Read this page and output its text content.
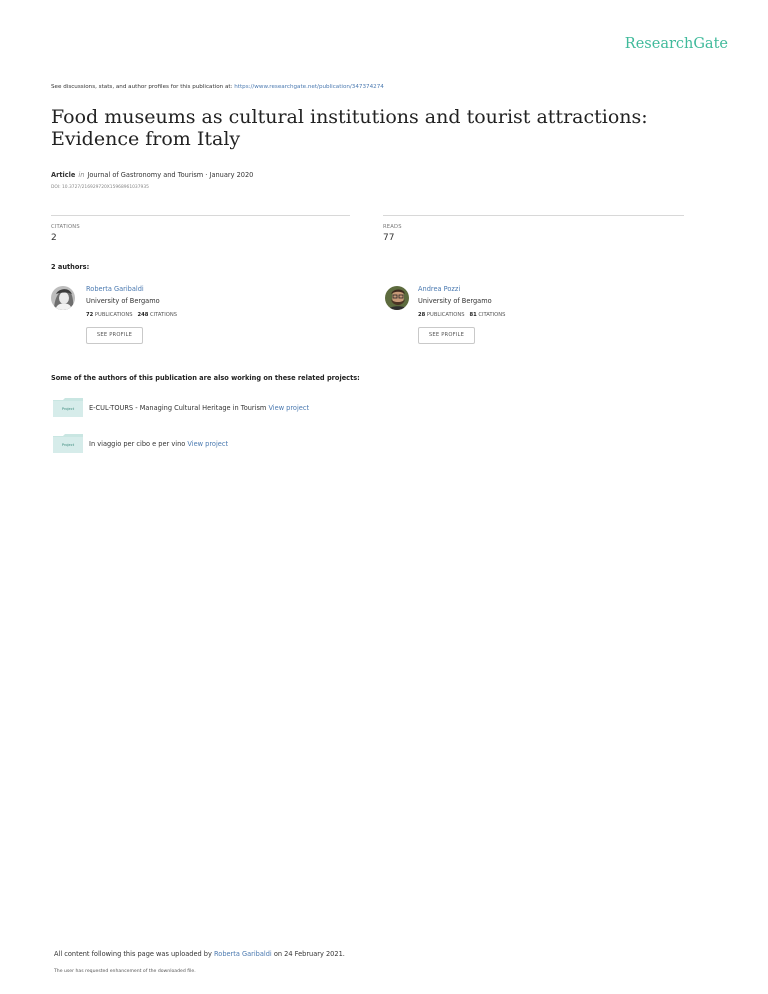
ResearchGate
See discussions, stats, and author profiles for this publication at: https://www.researchgate.net/publication/347374274
Food museums as cultural institutions and tourist attractions: Evidence from Italy
Article in Journal of Gastronomy and Tourism · January 2020
DOI: 10.3727/216929720X15968961037935
CITATIONS
2
READS
77
2 authors:
Roberta Garibaldi
University of Bergamo
72 PUBLICATIONS 248 CITATIONS
SEE PROFILE
Andrea Pozzi
University of Bergamo
28 PUBLICATIONS 81 CITATIONS
SEE PROFILE
Some of the authors of this publication are also working on these related projects:
Project	E-CUL-TOURS - Managing Cultural Heritage in Tourism View project
Project	In viaggio per cibo e per vino View project
All content following this page was uploaded by Roberta Garibaldi on 24 February 2021.
The user has requested enhancement of the downloaded file.
